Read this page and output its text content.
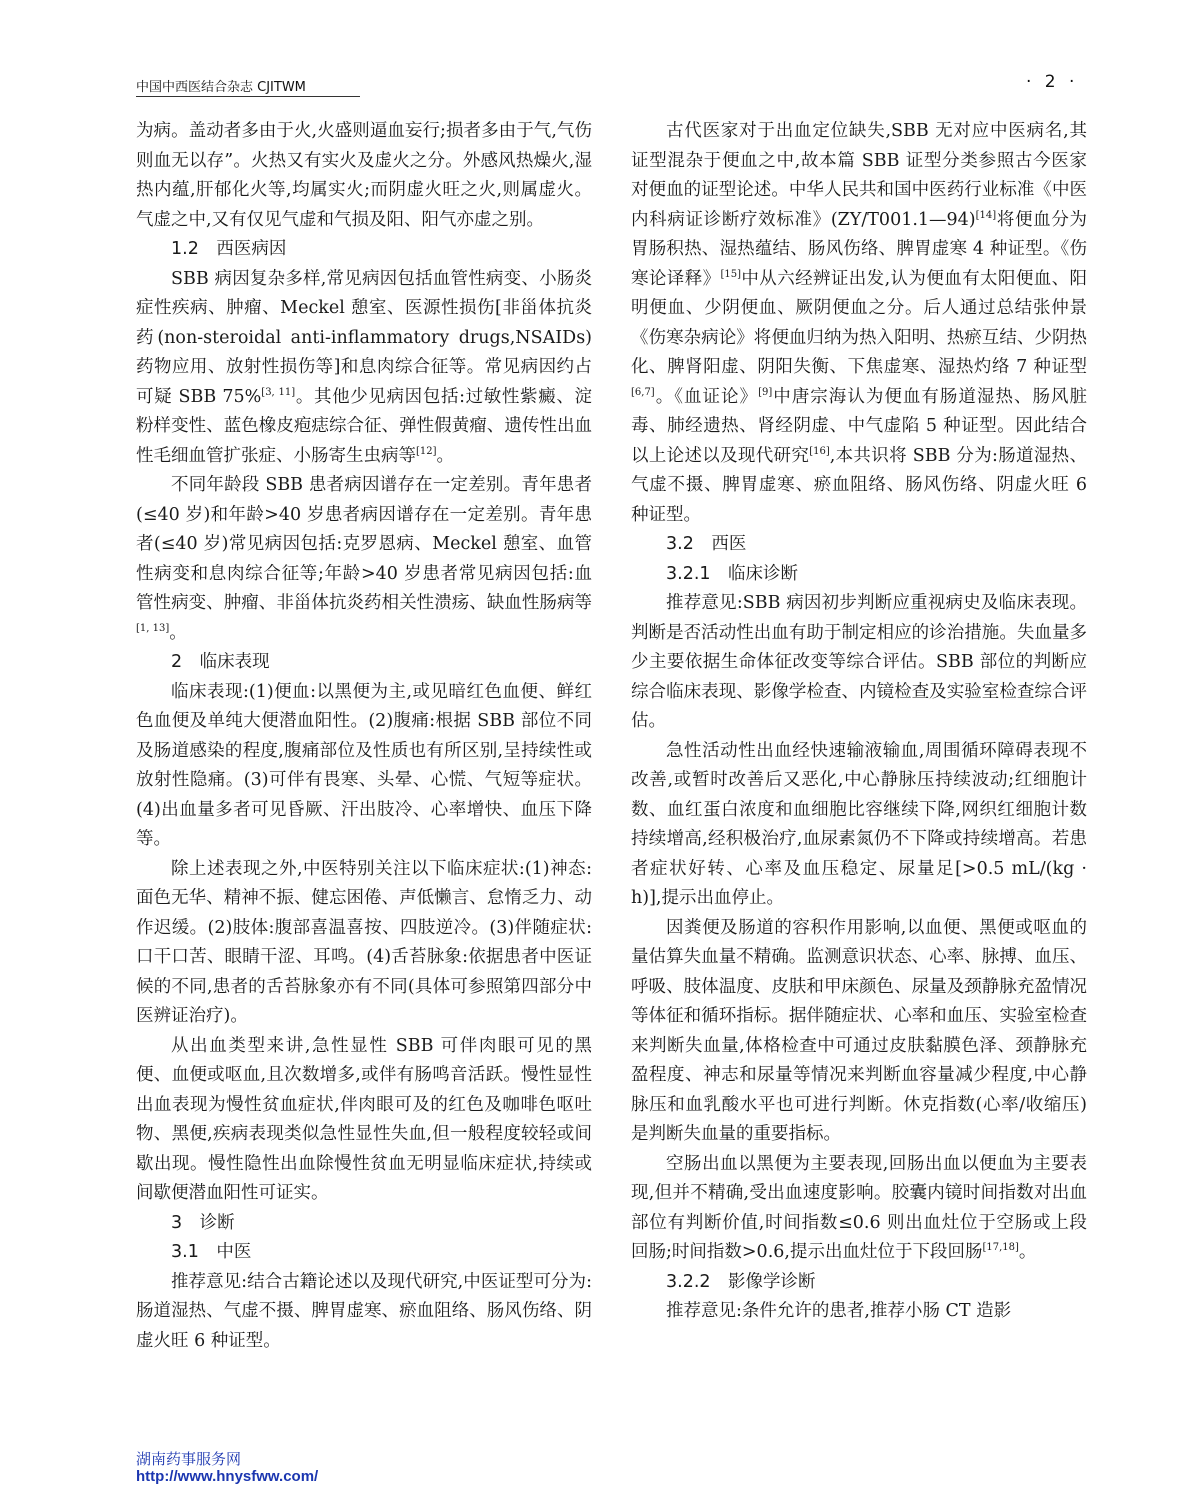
中国中西医结合杂志 CJITWM	· 2 ·

为病。盖动者多由于火,火盛则逼血妄行;损者多由于气,气伤则血无以存”。火热又有实火及虚火之分。外感风热燥火,湿热内蕴,肝郁化火等,均属实火;而阴虚火旺之火,则属虚火。气虚之中,又有仅见气虚和气损及阳、阳气亦虚之别。

1.2　西医病因

SBB 病因复杂多样,常见病因包括血管性病变、小肠炎症性疾病、肿瘤、Meckel 憩室、医源性损伤[非甾体抗炎药(non-steroidal anti-inflammatory drugs,NSAIDs)药物应用、放射性损伤等]和息肉综合征等。常见病因约占可疑 SBB 75%[3, 11]。其他少见病因包括:过敏性紫癜、淀粉样变性、蓝色橡皮疱痣综合征、弹性假黄瘤、遗传性出血性毛细血管扩张症、小肠寄生虫病等[12]。

不同年龄段 SBB 患者病因谱存在一定差别。青年患者(≤40 岁)和年龄>40 岁患者病因谱存在一定差别。青年患者(≤40 岁)常见病因包括:克罗恩病、Meckel 憩室、血管性病变和息肉综合征等;年龄>40 岁患者常见病因包括:血管性病变、肿瘤、非甾体抗炎药相关性溃疡、缺血性肠病等[1, 13]。

2　临床表现

临床表现:(1)便血:以黑便为主,或见暗红色血便、鲜红色血便及单纯大便潜血阳性。(2)腹痛:根据 SBB 部位不同及肠道感染的程度,腹痛部位及性质也有所区别,呈持续性或放射性隐痛。(3)可伴有畏寒、头晕、心慌、气短等症状。(4)出血量多者可见昏厥、汗出肢冷、心率增快、血压下降等。

除上述表现之外,中医特别关注以下临床症状:(1)神态:面色无华、精神不振、健忘困倦、声低懒言、怠惰乏力、动作迟缓。(2)肢体:腹部喜温喜按、四肢逆冷。(3)伴随症状:口干口苦、眼睛干涩、耳鸣。(4)舌苔脉象:依据患者中医证候的不同,患者的舌苔脉象亦有不同(具体可参照第四部分中医辨证治疗)。

从出血类型来讲,急性显性 SBB 可伴肉眼可见的黑便、血便或呕血,且次数增多,或伴有肠鸣音活跃。慢性显性出血表现为慢性贫血症状,伴肉眼可及的红色及咖啡色呕吐物、黑便,疾病表现类似急性显性失血,但一般程度较轻或间歇出现。慢性隐性出血除慢性贫血无明显临床症状,持续或间歇便潜血阳性可证实。

3　诊断
3.1　中医

推荐意见:结合古籍论述以及现代研究,中医证型可分为:肠道湿热、气虚不摄、脾胃虚寒、瘀血阻络、肠风伤络、阴虚火旺 6 种证型。

古代医家对于出血定位缺失,SBB 无对应中医病名,其证型混杂于便血之中,故本篇 SBB 证型分类参照古今医家对便血的证型论述。中华人民共和国中医药行业标准《中医内科病证诊断疗效标准》(ZY/T001.1—94)[14]将便血分为胃肠积热、湿热蕴结、肠风伤络、脾胃虚寒 4 种证型。《伤寒论译释》[15]中从六经辨证出发,认为便血有太阳便血、阳明便血、少阴便血、厥阴便血之分。后人通过总结张仲景《伤寒杂病论》将便血归纳为热入阳明、热瘀互结、少阴热化、脾肾阳虚、阴阳失衡、下焦虚寒、湿热灼络 7 种证型[6,7]。《血证论》[9]中唐宗海认为便血有肠道湿热、肠风脏毒、肺经遗热、肾经阴虚、中气虚陷 5 种证型。因此结合以上论述以及现代研究[16],本共识将 SBB 分为:肠道湿热、气虚不摄、脾胃虚寒、瘀血阻络、肠风伤络、阴虚火旺 6 种证型。

3.2　西医
3.2.1　临床诊断

推荐意见:SBB 病因初步判断应重视病史及临床表现。判断是否活动性出血有助于制定相应的诊治措施。失血量多少主要依据生命体征改变等综合评估。SBB 部位的判断应综合临床表现、影像学检查、内镜检查及实验室检查综合评估。

急性活动性出血经快速输液输血,周围循环障碍表现不改善,或暂时改善后又恶化,中心静脉压持续波动;红细胞计数、血红蛋白浓度和血细胞比容继续下降,网织红细胞计数持续增高,经积极治疗,血尿素氮仍不下降或持续增高。若患者症状好转、心率及血压稳定、尿量足[>0.5 mL/(kg · h)],提示出血停止。

因粪便及肠道的容积作用影响,以血便、黑便或呕血的量估算失血量不精确。监测意识状态、心率、脉搏、血压、呼吸、肢体温度、皮肤和甲床颜色、尿量及颈静脉充盈情况等体征和循环指标。据伴随症状、心率和血压、实验室检查来判断失血量,体格检查中可通过皮肤黏膜色泽、颈静脉充盈程度、神志和尿量等情况来判断血容量减少程度,中心静脉压和血乳酸水平也可进行判断。休克指数(心率/收缩压)是判断失血量的重要指标。

空肠出血以黑便为主要表现,回肠出血以便血为主要表现,但并不精确,受出血速度影响。胶囊内镜时间指数对出血部位有判断价值,时间指数≤0.6 则出血灶位于空肠或上段回肠;时间指数>0.6,提示出血灶位于下段回肠[17,18]。

3.2.2　影像学诊断

推荐意见:条件允许的患者,推荐小肠 CT 造影

湖南药事服务网
http://www.hnysfww.com/
